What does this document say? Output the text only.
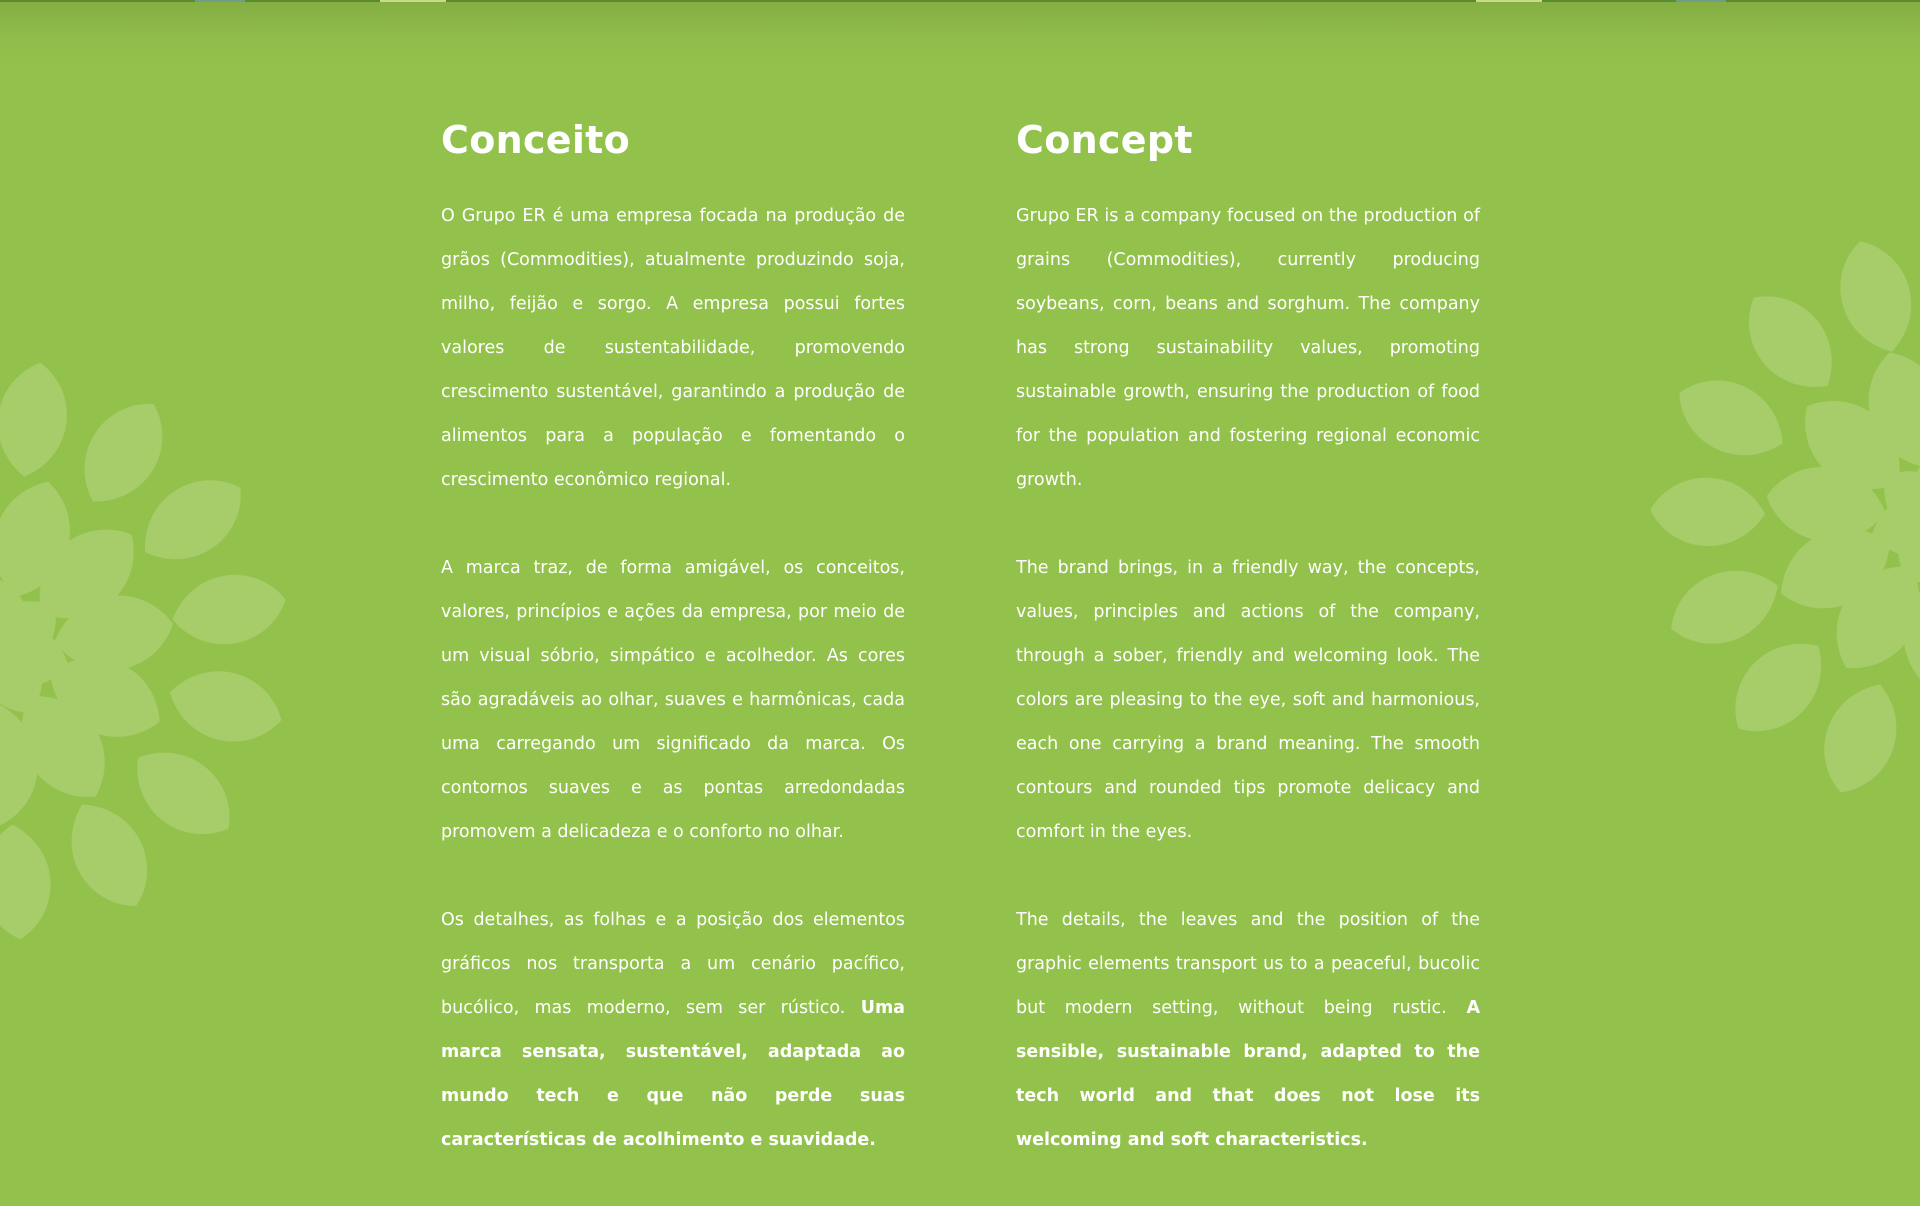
Conceito

O Grupo ER é uma empresa focada na produção de grãos (Commodities), atualmente produzindo soja, milho, feijão e sorgo. A empresa possui fortes valores de sustentabilidade, promovendo crescimento sustentável, garantindo a produção de alimentos para a população e fomentando o crescimento econômico regional.

A marca traz, de forma amigável, os conceitos, valores, princípios e ações da empresa, por meio de um visual sóbrio, simpático e acolhedor. As cores são agradáveis ao olhar, suaves e harmônicas, cada uma carregando um significado da marca. Os contornos suaves e as pontas arredondadas promovem a delicadeza e o conforto no olhar.

Os detalhes, as folhas e a posição dos elementos gráficos nos transporta a um cenário pacífico, bucólico, mas moderno, sem ser rústico. Uma marca sensata, sustentável, adaptada ao mundo tech e que não perde suas características de acolhimento e suavidade.

Concept

Grupo ER is a company focused on the production of grains (Commodities), currently producing soybeans, corn, beans and sorghum. The company has strong sustainability values, promoting sustainable growth, ensuring the production of food for the population and fostering regional economic growth.

The brand brings, in a friendly way, the concepts, values, principles and actions of the company, through a sober, friendly and welcoming look. The colors are pleasing to the eye, soft and harmonious, each one carrying a brand meaning. The smooth contours and rounded tips promote delicacy and comfort in the eyes.

The details, the leaves and the position of the graphic elements transport us to a peaceful, bucolic but modern setting, without being rustic. A sensible, sustainable brand, adapted to the tech world and that does not lose its welcoming and soft characteristics.
